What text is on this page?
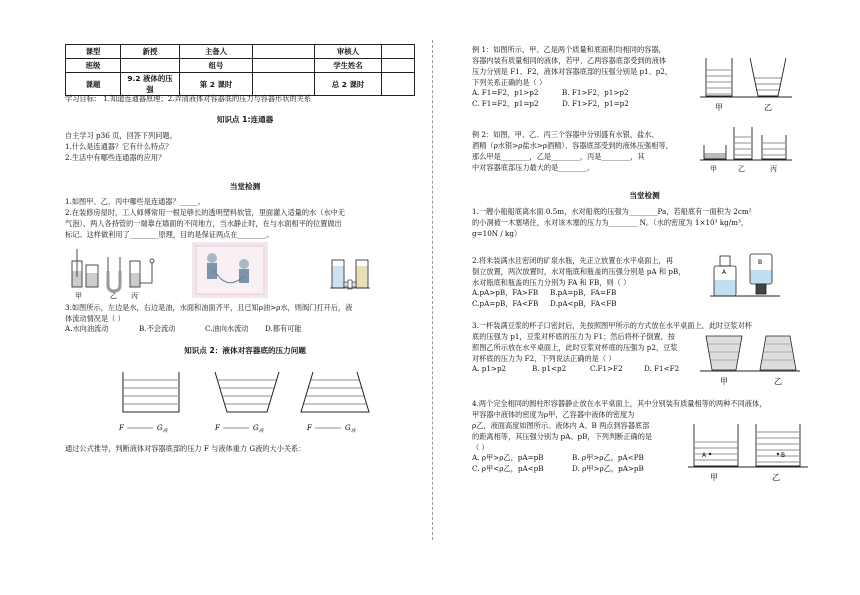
课型	新授	主备人		审核人	
班级		组号		学生姓名	
课题	9.2 液体的压强	第 2 课时		总 2 课时	

学习目标： 1.知道连通器原理；2.弄清液体对容器底的压力与容器形状的关系

知识点 1:连通器

自主学习 p36 页，回答下列问题。

1.什么是连通器？它有什么特点？

2.生活中有哪些连通器的应用？

当堂检测

1.如图甲、乙、丙中哪些是连通器？_____。

2.在装修房屋时，工人师傅常用一根足够长的透明塑料软管，里面灌入适量的水（水中无

气泡），两人各持管的一端靠在墙面的不同地方，当水静止时，在与水面相平的位置做出

标记。这样做利用了________原理，目的是保证两点在________。

甲	乙 丙

3.如图所示，左边是水，右边是油，水面和油面齐平，且已知ρ油>ρ水，则阀门打开后，液

体流动情况是（ ）

A.水向油流动	B.不会流动	C.油向水流动 D.都有可能

知识点 2：液体对容器底的压力问题

F	G 液	F	G 液	F	G 液

通过公式推导，判断液体对容器底部的压力 F 与液体重力 G液的大小关系：

例 1：如图所示，甲、乙是两个质量和底面积均相同的容器，

容器内装有质量相同的液体，若甲、乙两容器底部受到的液体

压力分别是 F1、F2，液体对容器底部的压强分别是 p1、p2，

下列关系正确的是（ ）

A. F1=F2，p1>p2	B. F1>F2，p1>p2
C. F1=F2，p1=p2	D. F1>F2，p1=p2	甲	乙

例 2：如图，甲、乙、丙三个容器中分别盛有水银、盐水、

酒精（ρ水银>ρ盐水>ρ酒精），容器底部受到的液体压强相等，

那么甲是________，乙是________，丙是________，其

中对容器底部压力最大的是________。	甲	乙	丙

当堂检测

1.一艘小船船底离水面 0.5m，水对船底的压强为________Pa，若船底有一面积为 2cm²

的小洞被一木塞堵住，水对该木塞的压力为________ N。（水的密度为 1×10³ kg/m³，

g=10N / kg）

2.将未装满水且密闭的矿泉水瓶，先正立放置在水平桌面上，再

倒立放置，两次放置时，水对瓶底和瓶盖的压强分别是 pA 和 pB，

水对瓶底和瓶盖的压力分别为 FA 和 FB，则（ ）

A.pA>pB，FA>FB B.pA=pB，FA=FB
C.pA=pB，FA<FB D.pA<pB，FA<FB
A
B

3.一杯装满豆浆的杯子口密封后，先按照图甲所示的方式放在水平桌面上，此时豆浆对杯

底的压强为 p1，豆浆对杯底的压力为 F1；然后将杯子倒置，按

照图乙所示放在水平桌面上，此时豆浆对杯底的压强为 p2，豆浆

对杯底的压力为 F2，下列说法正确的是（ ）

A. p1>p2	B. p1<p2	C.F1>F2	D. F1<F2
甲	乙

4.两个完全相同的圆柱形容器静止放在水平桌面上，其中分别装有质量相等的两种不同液体，

甲容器中液体的密度为ρ甲，乙容器中液体的密度为

ρ乙，液面高度如图所示。液体内 A、B 两点到容器底部

的距离相等，其压强分别为 pA、pB，下列判断正确的是

（ ）

A. ρ甲>ρ乙，pA=pB	B. ρ甲>ρ乙，pA<PB
C. ρ甲<ρ乙，pA<pB	D. ρ甲>ρ乙，pA>pB
A	B
甲	乙
